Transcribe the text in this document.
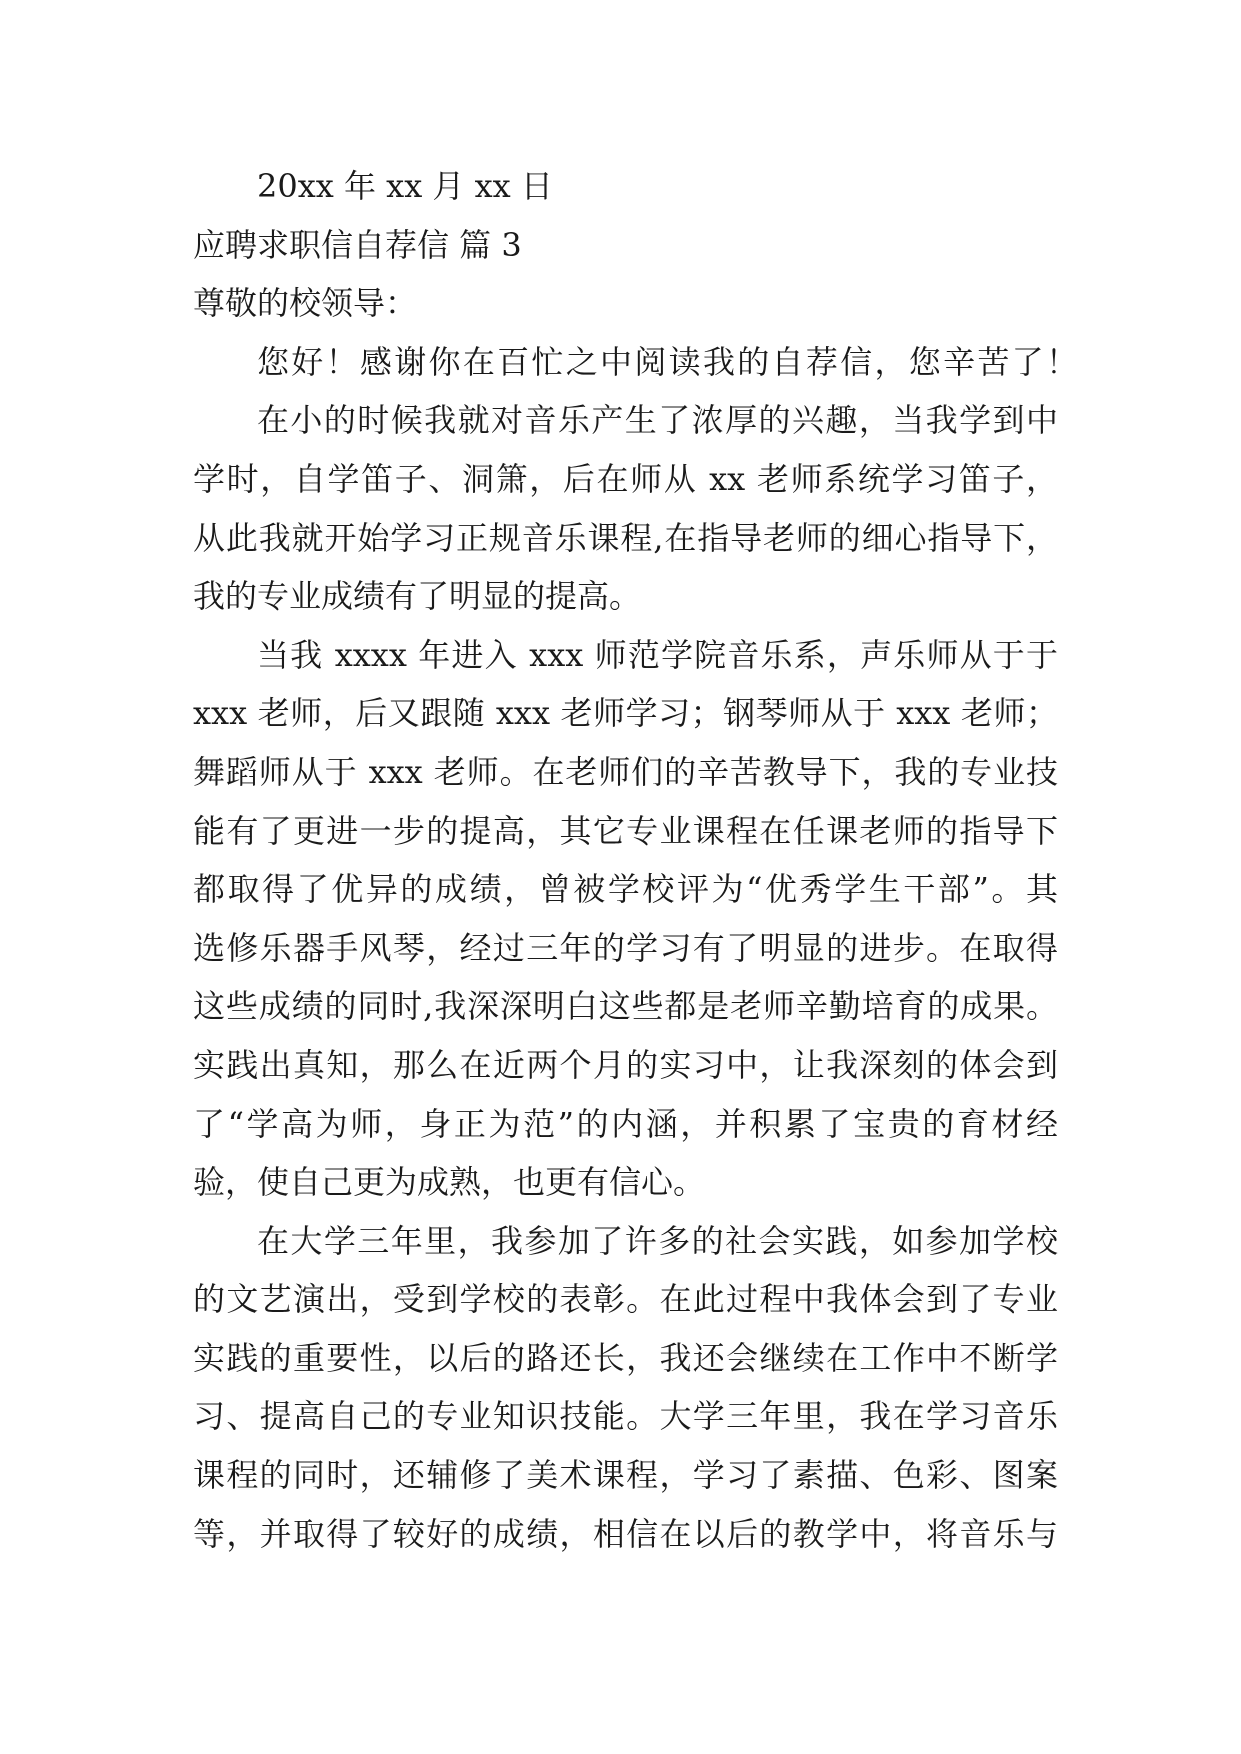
20xx 年 xx 月 xx 日
应聘求职信自荐信 篇 3
尊敬的校领导：
您好！感谢你在百忙之中阅读我的自荐信，您辛苦了！
在小的时候我就对音乐产生了浓厚的兴趣，当我学到中
学时，自学笛子、洞箫，后在师从 xx 老师系统学习笛子，
从此我就开始学习正规音乐课程,在指导老师的细心指导下，
我的专业成绩有了明显的提高。
当我 xxxx 年进入 xxx 师范学院音乐系，声乐师从于于
xxx 老师，后又跟随 xxx 老师学习；钢琴师从于 xxx 老师；
舞蹈师从于 xxx 老师。在老师们的辛苦教导下，我的专业技
能有了更进一步的提高，其它专业课程在任课老师的指导下
都取得了优异的成绩，曾被学校评为“优秀学生干部”。其
选修乐器手风琴，经过三年的学习有了明显的进步。在取得
这些成绩的同时,我深深明白这些都是老师辛勤培育的成果。
实践出真知，那么在近两个月的实习中，让我深刻的体会到
了“学高为师，身正为范”的内涵，并积累了宝贵的育材经
验，使自己更为成熟，也更有信心。
在大学三年里，我参加了许多的社会实践，如参加学校
的文艺演出，受到学校的表彰。在此过程中我体会到了专业
实践的重要性，以后的路还长，我还会继续在工作中不断学
习、提高自己的专业知识技能。大学三年里，我在学习音乐
课程的同时，还辅修了美术课程，学习了素描、色彩、图案
等，并取得了较好的成绩，相信在以后的教学中，将音乐与
